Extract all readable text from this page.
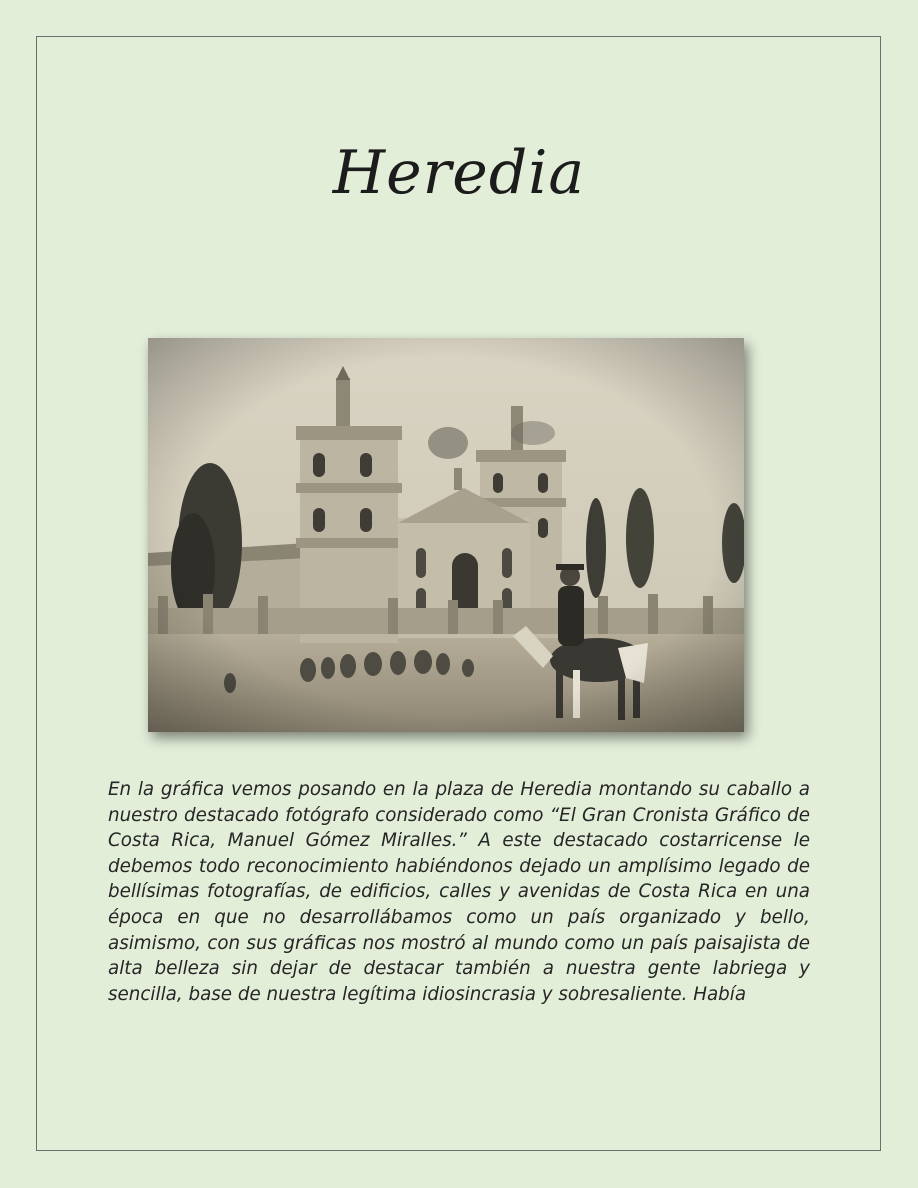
Heredia

En la gráfica vemos posando en la plaza de Heredia montando su caballo a nuestro destacado fotógrafo considerado como “El Gran Cronista Gráfico de Costa Rica, Manuel Gómez Miralles.” A este destacado costarricense le debemos todo reconocimiento habiéndonos dejado un amplísimo legado de bellísimas fotografías, de edificios, calles y avenidas de Costa Rica en una época en que no desarrollábamos como un país organizado y bello, asimismo, con sus gráficas nos mostró al mundo como un país paisajista de alta belleza sin dejar de destacar también a nuestra gente labriega y sencilla, base de nuestra legítima idiosincrasia y sobresaliente. Había
